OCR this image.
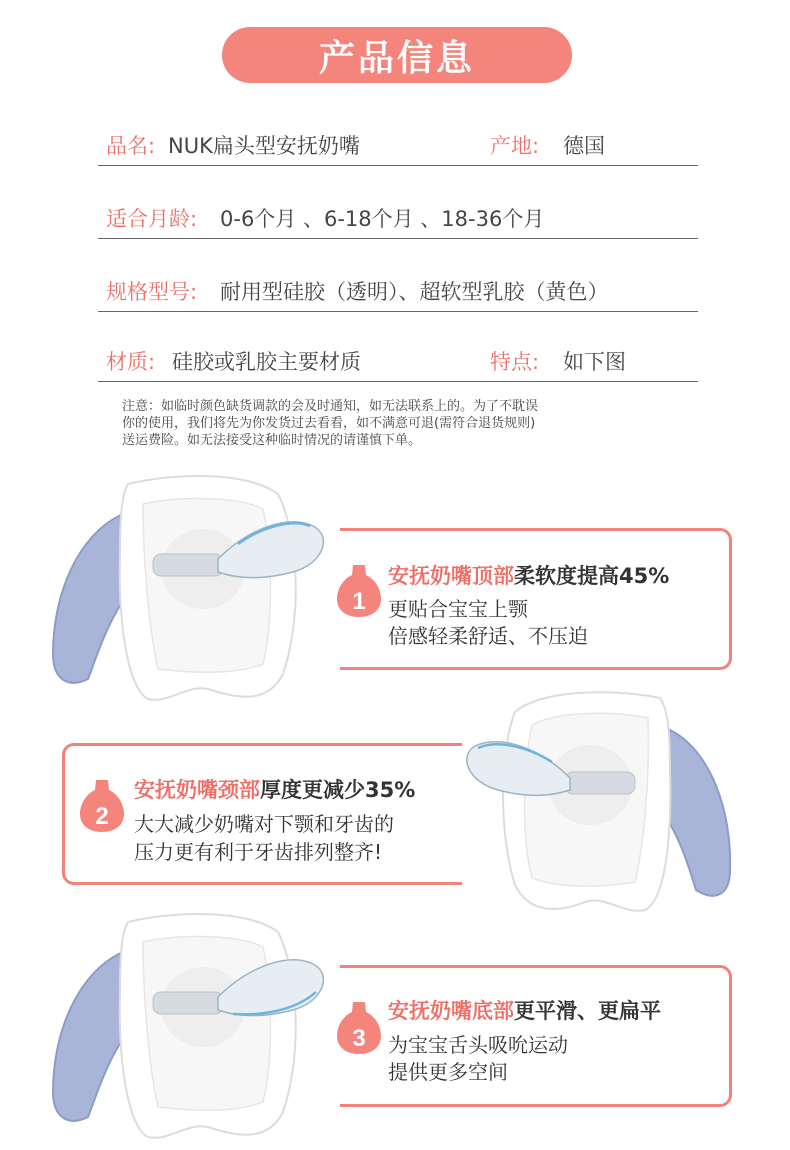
产品信息
品名: NUK扁头型安抚奶嘴	产地: 德国
适合月龄: 0-6个月 、6-18个月 、18-36个月
规格型号: 耐用型硅胶（透明）、超软型乳胶（黄色）
材质: 硅胶或乳胶主要材质	特点: 如下图
注意：如临时颜色缺货调款的会及时通知，如无法联系上的。为了不耽误
你的使用，我们将先为你发货过去看看，如不满意可退(需符合退货规则)
送运费险。如无法接受这种临时情况的请谨慎下单。
1
安抚奶嘴顶部柔软度提高45%
更贴合宝宝上颚
倍感轻柔舒适、不压迫
2
安抚奶嘴颈部厚度更减少35%
大大减少奶嘴对下颚和牙齿的
压力更有利于牙齿排列整齐!
3
安抚奶嘴底部更平滑、更扁平
为宝宝舌头吸吮运动
提供更多空间
